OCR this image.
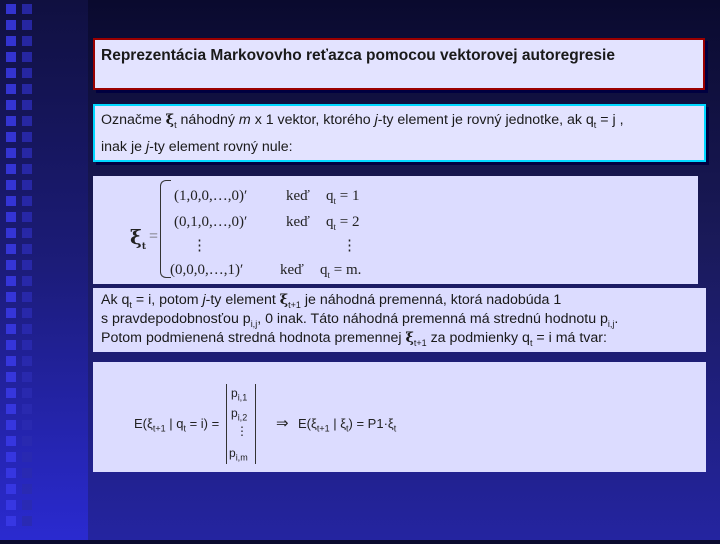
Reprezentácia Markovovho reťazca pomocou vektorovej autoregresie
Označme $\xi_t$ náhodný m x 1 vektor, ktorého j-ty element je rovný jednotke, ak $q_t = j$ ,
inak je j-ty element rovný nule:
$\xi_t$
=
(1,0,0,…,0)′	keď $q_t = 1$
(0,1,0,…,0)′	keď $q_t = 2$
⋮	⋮
(0,0,0,…,1)′ keď $q_t = m$.
Ak $q_t = i$, potom j-ty element $\xi_{t+1}$ je náhodná premenná, ktorá nadobúda 1
s pravdepodobnosťou $p_{i,j}$, 0 inak. Táto náhodná premenná má strednú hodnotu $p_{i,j}$.
Potom podmienená stredná hodnota premennej $\xi_{t+1}$ za podmienky $q_t = i$ má tvar:
$E(\xi_{t+1}$ | $q_t = i$) =
$p_{i,1}$
$p_{i,2}$
⋮
$p_{i,m}$
⇒ $E(\xi_{t+1}$ | $\xi_t) = P1\cdot\xi_t$
